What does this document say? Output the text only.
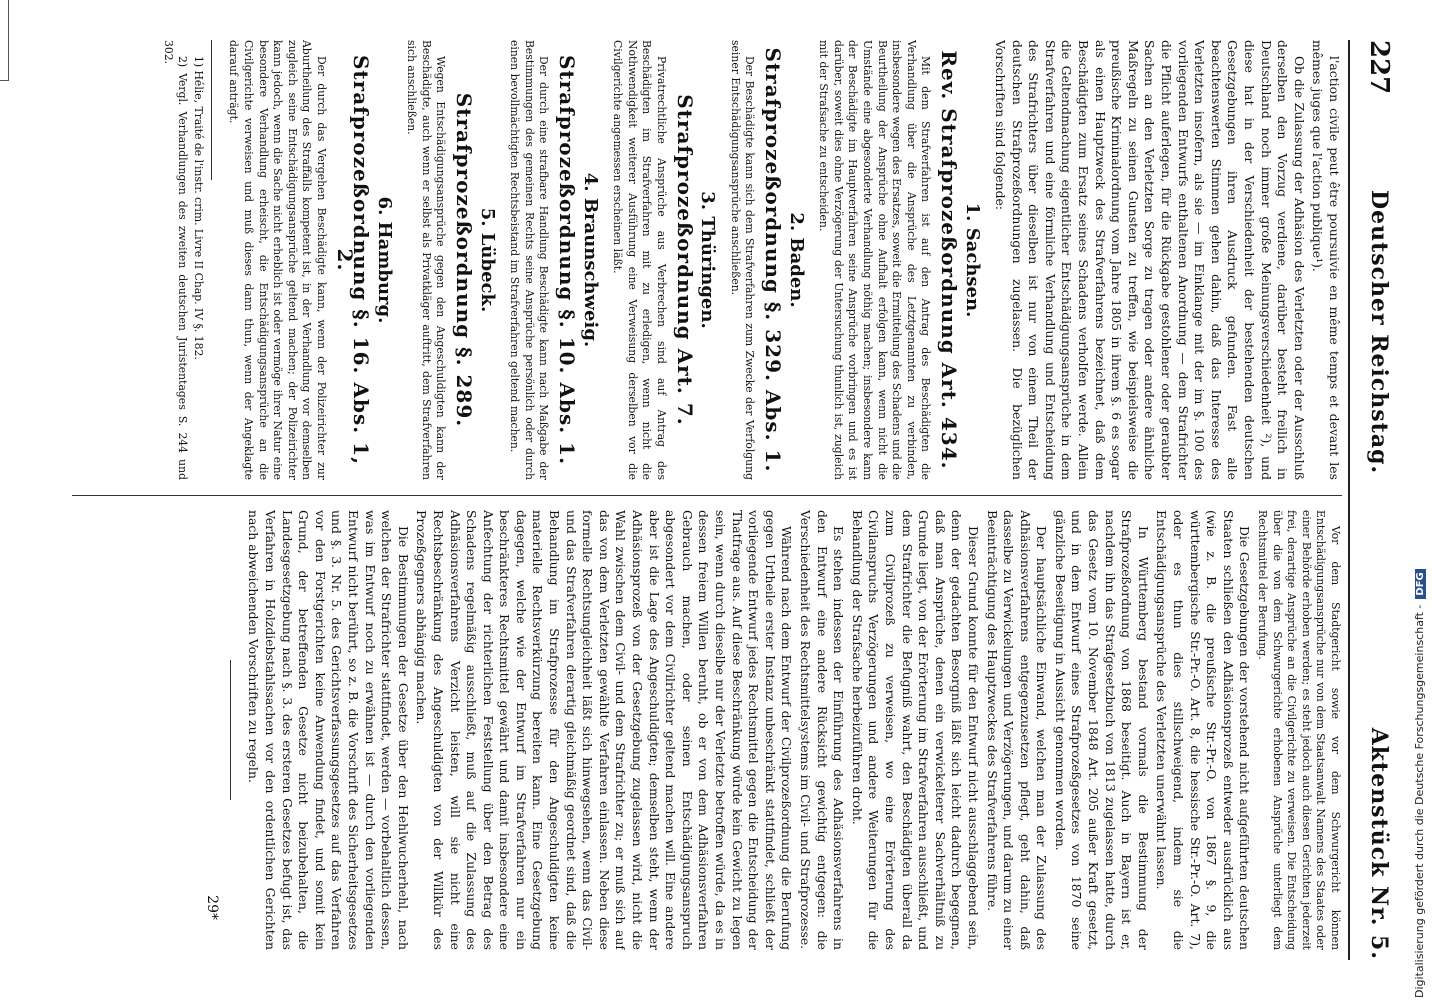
227
Deutscher Reichstag.
Aktenstück Nr. 5.

l'action civile peut être poursuivie en même temps et devant les mêmes juges que l'action publique¹).

Ob die Zulassung der Adhäsion des Verletzten oder der Ausschluß derselben den Vorzug verdiene, darüber besteht freilich in Deutschland noch immer große Meinungsverschiedenheit ²), und diese hat in der Verschiedenheit der bestehenden deutschen Gesetzgebungen ihren Ausdruck gefunden. Fast alle beachtenswerten Stimmen gehen dahin, daß das Interesse des Verletzten insofern, als sie — im Einklange mit der im §. 100 des vorliegenden Entwurfs enthaltenen Anordnung — dem Strafrichter die Pflicht auferlegen, für die Rückgabe gestohlener oder geraubter Sachen an den Verletzten Sorge zu tragen oder andere ähnliche Maßregeln zu seinen Gunsten zu treffen, wie beispielsweise die preußische Kriminalordnung vom Jahre 1805 in ihrem §. 6 es sogar als einen Hauptzweck des Strafverfahrens bezeichnet, daß dem Beschädigten zum Ersatz seines Schadens verholfen werde. Allein die Geltendmachung eigentlicher Entschädigungsansprüche in dem Strafverfahren und eine förmliche Verhandlung und Entscheidung des Strafrichters über dieselben ist nur von einem Theil der deutschen Strafprozeßordnungen zugelassen. Die bezüglichen Vorschriften sind folgende:

1. Sachsen.
Rev. Strafprozeßordnung Art. 434.

Mit dem Strafverfahren ist auf den Antrag des Beschädigten die Verhandlung über die Ansprüche des Letztgenannten zu verbinden, insbesondere wegen des Ersatzes, soweit die Ermittelung des Schadens und die Beurtheilung der Ansprüche ohne Aufhalt erfolgen kann, wenn nicht die Umstände eine abgesonderte Verhandlung nöthig machen; insbesondere kann der Beschädigte im Hauptverfahren seine Ansprüche vorbringen und es ist darüber, soweit dies ohne Verzögerung der Untersuchung thunlich ist, zugleich mit der Strafsache zu entscheiden.

2. Baden.
Strafprozeßordnung §. 329. Abs. 1.

Der Beschädigte kann sich dem Strafverfahren zum Zwecke der Verfolgung seiner Entschädigungsansprüche anschließen.

3. Thüringen.
Strafprozeßordnung Art. 7.

Privatrechtliche Ansprüche aus Verbrechen sind auf Antrag des Beschädigten im Strafverfahren mit zu erledigen, wenn nicht die Nothwendigkeit weiterer Ausführung eine Verweisung derselben vor die Civilgerichte angemessen erscheinen läßt.

4. Braunschweig.
Strafprozeßordnung §. 10. Abs. 1.

Der durch eine strafbare Handlung Beschädigte kann nach Maßgabe der Bestimmungen des gemeinen Rechts seine Ansprüche persönlich oder durch einen bevollmächtigten Rechtsbeistand im Strafverfahren geltend machen.

5. Lübeck.
Strafprozeßordnung §. 289.

Wegen Entschädigungsansprüche gegen den Angeschuldigten kann der Beschädigte, auch wenn er selbst als Privatkläger auftritt, dem Strafverfahren sich anschließen.

6. Hamburg.
Strafprozeßordnung §. 16. Abs. 1, 2.

Der durch das Vergehen Beschädigte kann, wenn der Polizeirichter zur Aburtheilung des Straffalls kompetent ist, in der Verhandlung vor demselben zugleich seine Entschädigungsansprüche geltend machen; der Polizeirichter kann jedoch, wenn die Sache nicht erheblich ist oder vermöge ihrer Natur eine besondere Verhandlung erheischt, die Entschädigungsansprüche an die Civilgerichte verweisen und muß dieses dann thun, wenn der Angeklagte darauf anträgt.

1) Hélie, Traité de l'instr. crim. Livre II Chap. IV §. 182.

2) Vergl. Verhandlungen des zweiten deutschen Juristentages S. 244 und 302.

Vor dem Stadtgericht sowie vor dem Schwurgericht können Entschädigungsansprüche nur von dem Staatsanwalt Namens des Staates oder einer Behörde erhoben werden; es steht jedoch auch diesen Gerichten jederzeit frei, derartige Ansprüche an die Civilgerichte zu verweisen. Die Entscheidung über die von dem Schwurgerichte erhobenen Ansprüche unterliegt dem Rechtsmittel der Berufung.

Die Gesetzgebungen der vorstehend nicht aufgeführten deutschen Staaten schließen den Adhäsionsprozeß entweder ausdrücklich aus (wie z. B. die preußische Str.-Pr.-O. von 1867 §. 9, die württembergische Str.-Pr.-O. Art. 8, die hessische Str.-Pr.-O. Art. 7), oder es thun dies stillschweigend, indem sie die Entschädigungsansprüche des Verletzten unerwähnt lassen.

In Württemberg bestand vormals die Bestimmung der Strafprozeßordnung von 1868 beseitigt. Auch in Bayern ist er, nachdem ihn das Strafgesetzbuch von 1813 zugelassen hatte, durch das Gesetz vom 10. November 1848 Art. 205 außer Kraft gesetzt, und in dem Entwurf eines Strafprozeßgesetzes von 1870 seine gänzliche Beseitigung in Aussicht genommen worden.

Der hauptsächliche Einwand, welchen man der Zulassung des Adhäsionsverfahrens entgegenzusetzen pflegt, geht dahin, daß dasselbe zu Verwickelungen und Verzögerungen, und darum zu einer Beeinträchtigung des Hauptzweckes des Strafverfahrens führe.

Dieser Grund konnte für den Entwurf nicht ausschlaggebend sein, denn der gedachten Besorgniß läßt sich leicht dadurch begegnen, daß man Ansprüche, denen ein verwickelterer Sachverhältniß zu Grunde liegt, von der Erörterung im Strafverfahren ausschließt, und dem Strafrichter die Befugniß wahrt, den Beschädigten überall da zum Civilprozeß zu verweisen, wo eine Erörterung des Civilanspruchs Verzögerungen und andere Weiterungen für die Behandlung der Strafsache herbeizuführen droht.

Es stehen indessen der Einführung des Adhäsionsverfahrens in den Entwurf eine andere Rücksicht gewichtig entgegen: die Verschiedenheit des Rechtsmittelsystems im Civil- und Strafprozesse.

Während nach dem Entwurf der Civilprozeßordnung die Berufung gegen Urtheile erster Instanz unbeschränkt stattfindet, schließt der vorliegende Entwurf jedes Rechtsmittel gegen die Entscheidung der Thatfrage aus. Auf diese Beschränkung würde kein Gewicht zu legen sein, wenn durch dieselbe nur der Verletzte betroffen würde, da es in dessen freiem Willen beruht, ob er von dem Adhäsionsverfahren Gebrauch machen, oder seinen Entschädigungsanspruch abgesondert vor dem Civilrichter geltend machen will. Eine andere aber ist die Lage des Angeschuldigten; demselben steht, wenn der Adhäsionsprozeß von der Gesetzgebung zugelassen wird, nicht die Wahl zwischen dem Civil- und dem Strafrichter zu; er muß sich auf das von dem Verletzten gewählte Verfahren einlassen. Neben diese formelle Rechtsungleichheit läßt sich hinwegsehen, wenn das Civil- und das Strafverfahren derartig gleichmäßig geordnet sind, daß die Behandlung im Strafprozesse für den Angeschuldigten keine materielle Rechtsverkürzung bereiten kann. Eine Gesetzgebung dagegen, welche wie der Entwurf im Strafverfahren nur ein beschränkteres Rechtsmittel gewährt und damit insbesondere eine Anfechtung der richterlichen Feststellung über den Betrag des Schadens regelmäßig ausschließt, muß auf die Zulassung des Adhäsionsverfahrens Verzicht leisten, will sie nicht eine Rechtsbeschränkung des Angeschuldigten von der Willkür des Prozeßgegners abhängig machen.

Die Bestimmungen der Gesetze über den Hehlwucherhehl, nach welchen der Strafrichter stattfindet, werden — vorbehaltlich dessen, was im Entwurf noch zu erwähnen ist — durch den vorliegenden Entwurf nicht berührt, so z. B. die Vorschrift des Sicherheitsgesetzes und §. 3. Nr. 5. des Gerichtsverfassungsgesetzes auf das Verfahren vor den Forstgerichten keine Anwendung findet, und somit kein Grund, der betreffenden Gesetze nicht beizubehalten, die Landesgesetzgebung nach §. 3. des ersteren Gesetzes befugt ist, das Verfahren in Holzdiebstahlssachen vor den ordentlichen Gerichten nach abweichenden Vorschriften zu regeln.

29*	Digitalisierung gefördert durch die Deutsche Forschungsgemeinschaft -DFG
